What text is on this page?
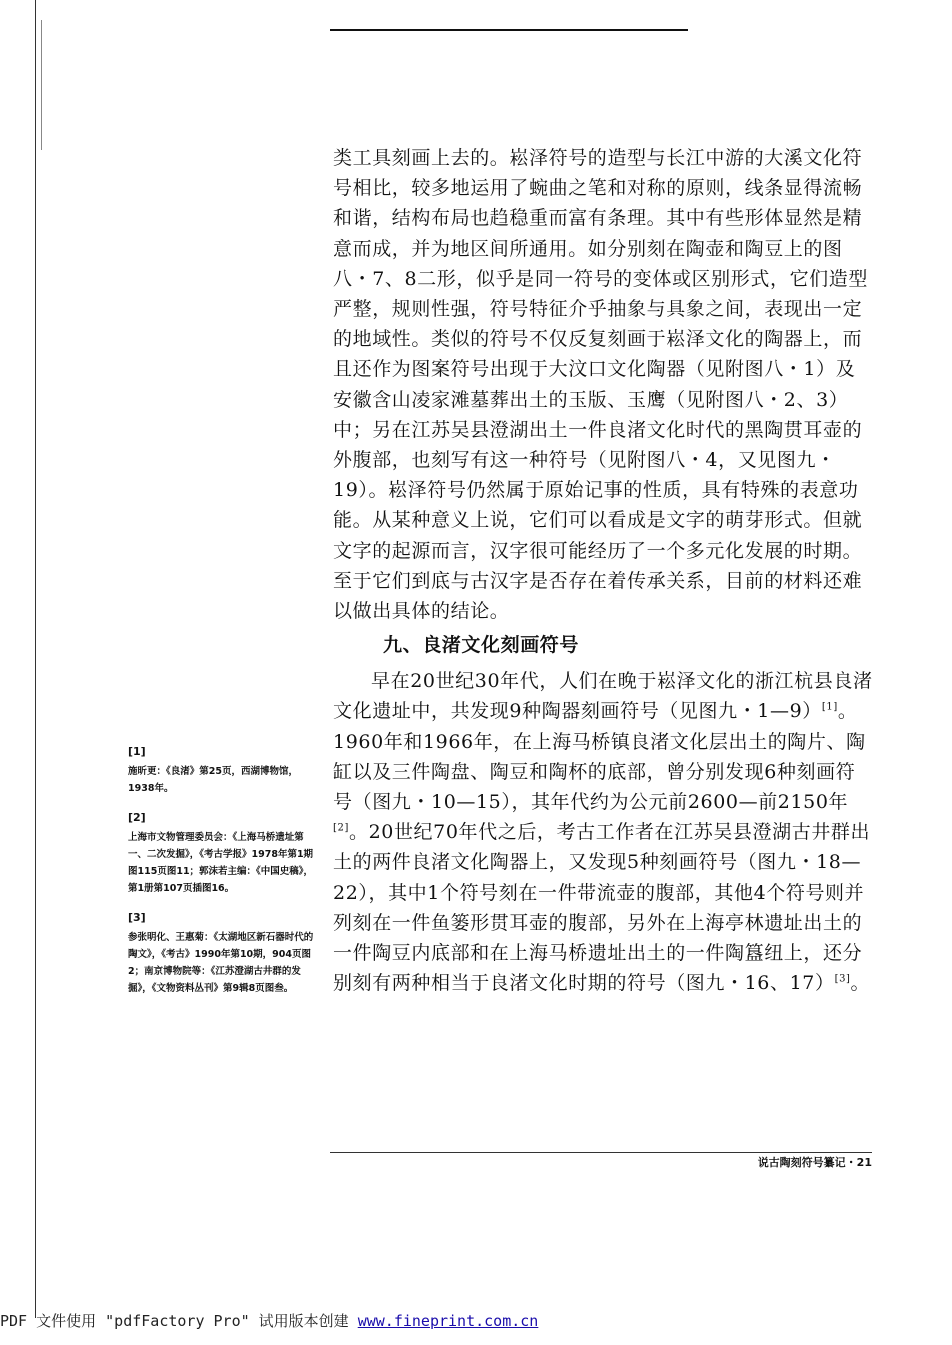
类工具刻画上去的。崧泽符号的造型与长江中游的大溪文化符号相比，较多地运用了蜿曲之笔和对称的原则，线条显得流畅和谐，结构布局也趋稳重而富有条理。其中有些形体显然是精意而成，并为地区间所通用。如分别刻在陶壶和陶豆上的图八・7、8二形，似乎是同一符号的变体或区别形式，它们造型严整，规则性强，符号特征介乎抽象与具象之间，表现出一定的地域性。类似的符号不仅反复刻画于崧泽文化的陶器上，而且还作为图案符号出现于大汶口文化陶器（见附图八・1）及安徽含山凌家滩墓葬出土的玉版、玉鹰（见附图八・2、3）中；另在江苏吴县澄湖出土一件良渚文化时代的黑陶贯耳壶的外腹部，也刻写有这一种符号（见附图八・4，又见图九・19）。崧泽符号仍然属于原始记事的性质，具有特殊的表意功能。从某种意义上说，它们可以看成是文字的萌芽形式。但就文字的起源而言，汉字很可能经历了一个多元化发展的时期。至于它们到底与古汉字是否存在着传承关系，目前的材料还难以做出具体的结论。

九、良渚文化刻画符号

早在20世纪30年代，人们在晚于崧泽文化的浙江杭县良渚文化遗址中，共发现9种陶器刻画符号（见图九・1—9）[1]。1960年和1966年，在上海马桥镇良渚文化层出土的陶片、陶缸以及三件陶盘、陶豆和陶杯的底部，曾分别发现6种刻画符号（图九・10—15），其年代约为公元前2600—前2150年[2]。20世纪70年代之后，考古工作者在江苏吴县澄湖古井群出土的两件良渚文化陶器上，又发现5种刻画符号（图九・18—22），其中1个符号刻在一件带流壶的腹部，其他4个符号则并列刻在一件鱼篓形贯耳壶的腹部，另外在上海亭林遗址出土的一件陶豆内底部和在上海马桥遗址出土的一件陶簋纽上，还分别刻有两种相当于良渚文化时期的符号（图九・16、17）[3]。

[1]
施昕更：《良渚》第25页，西湖博物馆，1938年。
[2]
上海市文物管理委员会：《上海马桥遗址第一、二次发掘》，《考古学报》1978年第1期图115页图11；郭沫若主编：《中国史稿》，第1册第107页插图16。
[3]
参张明化、王惠菊：《太湖地区新石器时代的陶文》，《考古》1990年第10期，904页图2；南京博物院等：《江苏澄湖古井群的发掘》，《文物资料丛刊》第9辑8页图叁。
说古陶刻符号纂记・21
PDF 文件使用 "pdfFactory Pro" 试用版本创建 www.fineprint.com.cn
